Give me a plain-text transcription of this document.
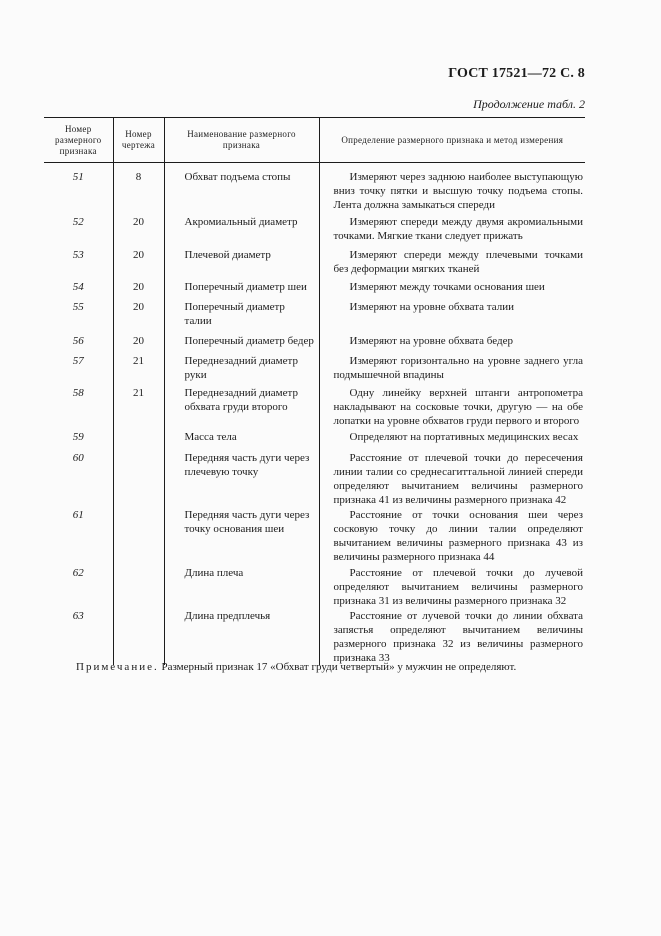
ГОСТ 17521—72 С. 8
Продолжение табл. 2
Номер размерного признака	Номер чертежа	Наименование размерного признака	Определение размерного признака и метод измерения
51	8	Обхват подъема стопы	Измеряют через заднюю наиболее выступающую вниз точку пятки и высшую точку подъема стопы. Лента должна замыкаться спереди

52	20	Акромиальный диаметр	Измеряют спереди между двумя акромиальными точками. Мягкие ткани следует прижать

53	20	Плечевой диаметр	Измеряют спереди между плечевыми точками без деформации мягких тканей

54	20	Поперечный диаметр шеи	Измеряют между точками основания шеи

55	20	Поперечный диаметр талии	Измеряют на уровне обхвата талии

56	20	Поперечный диаметр бедер	Измеряют на уровне обхвата бедер

57	21	Переднезадний диаметр руки	Измеряют горизонтально на уровне заднего угла подмышечной впадины

58	21	Переднезадний диаметр обхвата груди второго	Одну линейку верхней штанги антропометра накладывают на сосковые точки, другую — на обе лопатки на уровне обхватов груди первого и второго

59		Масса тела	Определяют на портативных медицинских весах

60		Передняя часть дуги через плечевую точку	Расстояние от плечевой точки до пересечения линии талии со среднесагиттальной линией спереди определяют вычитанием величины размерного признака 41 из величины размерного признака 42

61		Передняя часть дуги через точку основания шеи	Расстояние от точки основания шеи через сосковую точку до линии талии определяют вычитанием величины размерного признака 43 из величины размерного признака 44

62		Длина плеча	Расстояние от плечевой точки до лучевой определяют вычитанием величины размерного признака 31 из величины размерного признака 32

63		Длина предплечья	Расстояние от лучевой точки до линии обхвата запястья определяют вычитанием величины размерного признака 32 из величины размерного признака 33
Примечание. Размерный признак 17 «Обхват груди четвертый» у мужчин не определяют.
